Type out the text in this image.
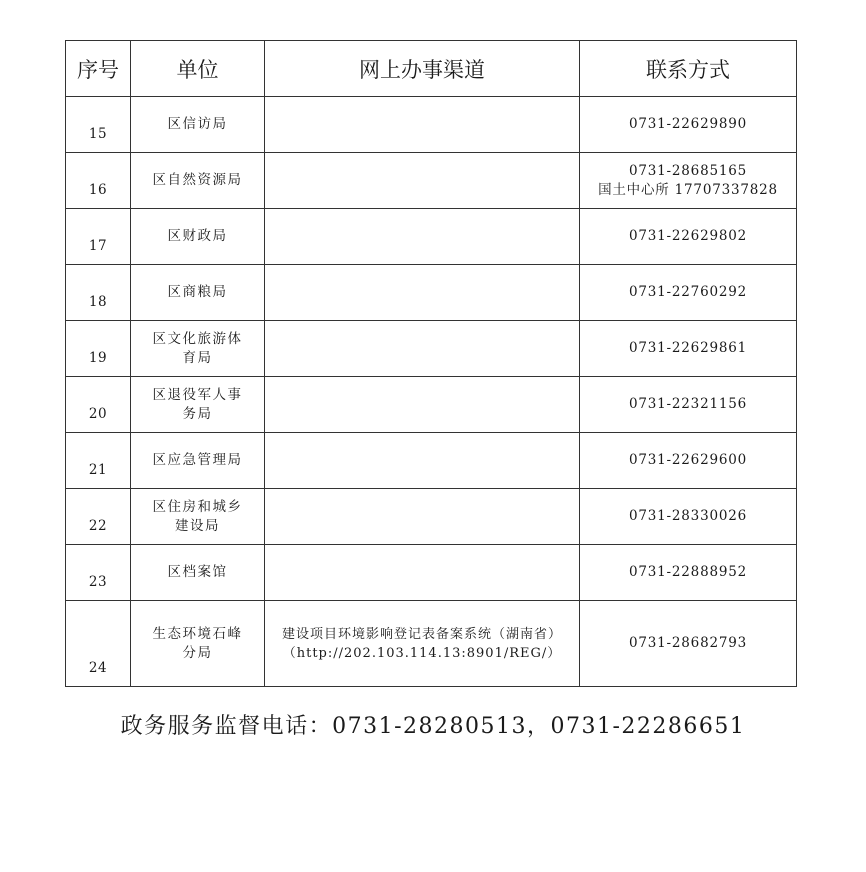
序号	单位	网上办事渠道	联系方式
15	区信访局		0731-22629890

16	区自然资源局		0731-28685165
国土中心所 17707337828

17	区财政局		0731-22629802

18	区商粮局		0731-22760292

19	区文化旅游体育局		0731-22629861

20	区退役军人事务局		0731-22321156

21	区应急管理局		0731-22629600

22	区住房和城乡建设局		0731-28330026

23	区档案馆		0731-22888952

24	生态环境石峰分局	建设项目环境影响登记表备案系统（湖南省）（http://202.103.114.13:8901/REG/）	0731-28682793
政务服务监督电话：0731-28280513，0731-22286651
